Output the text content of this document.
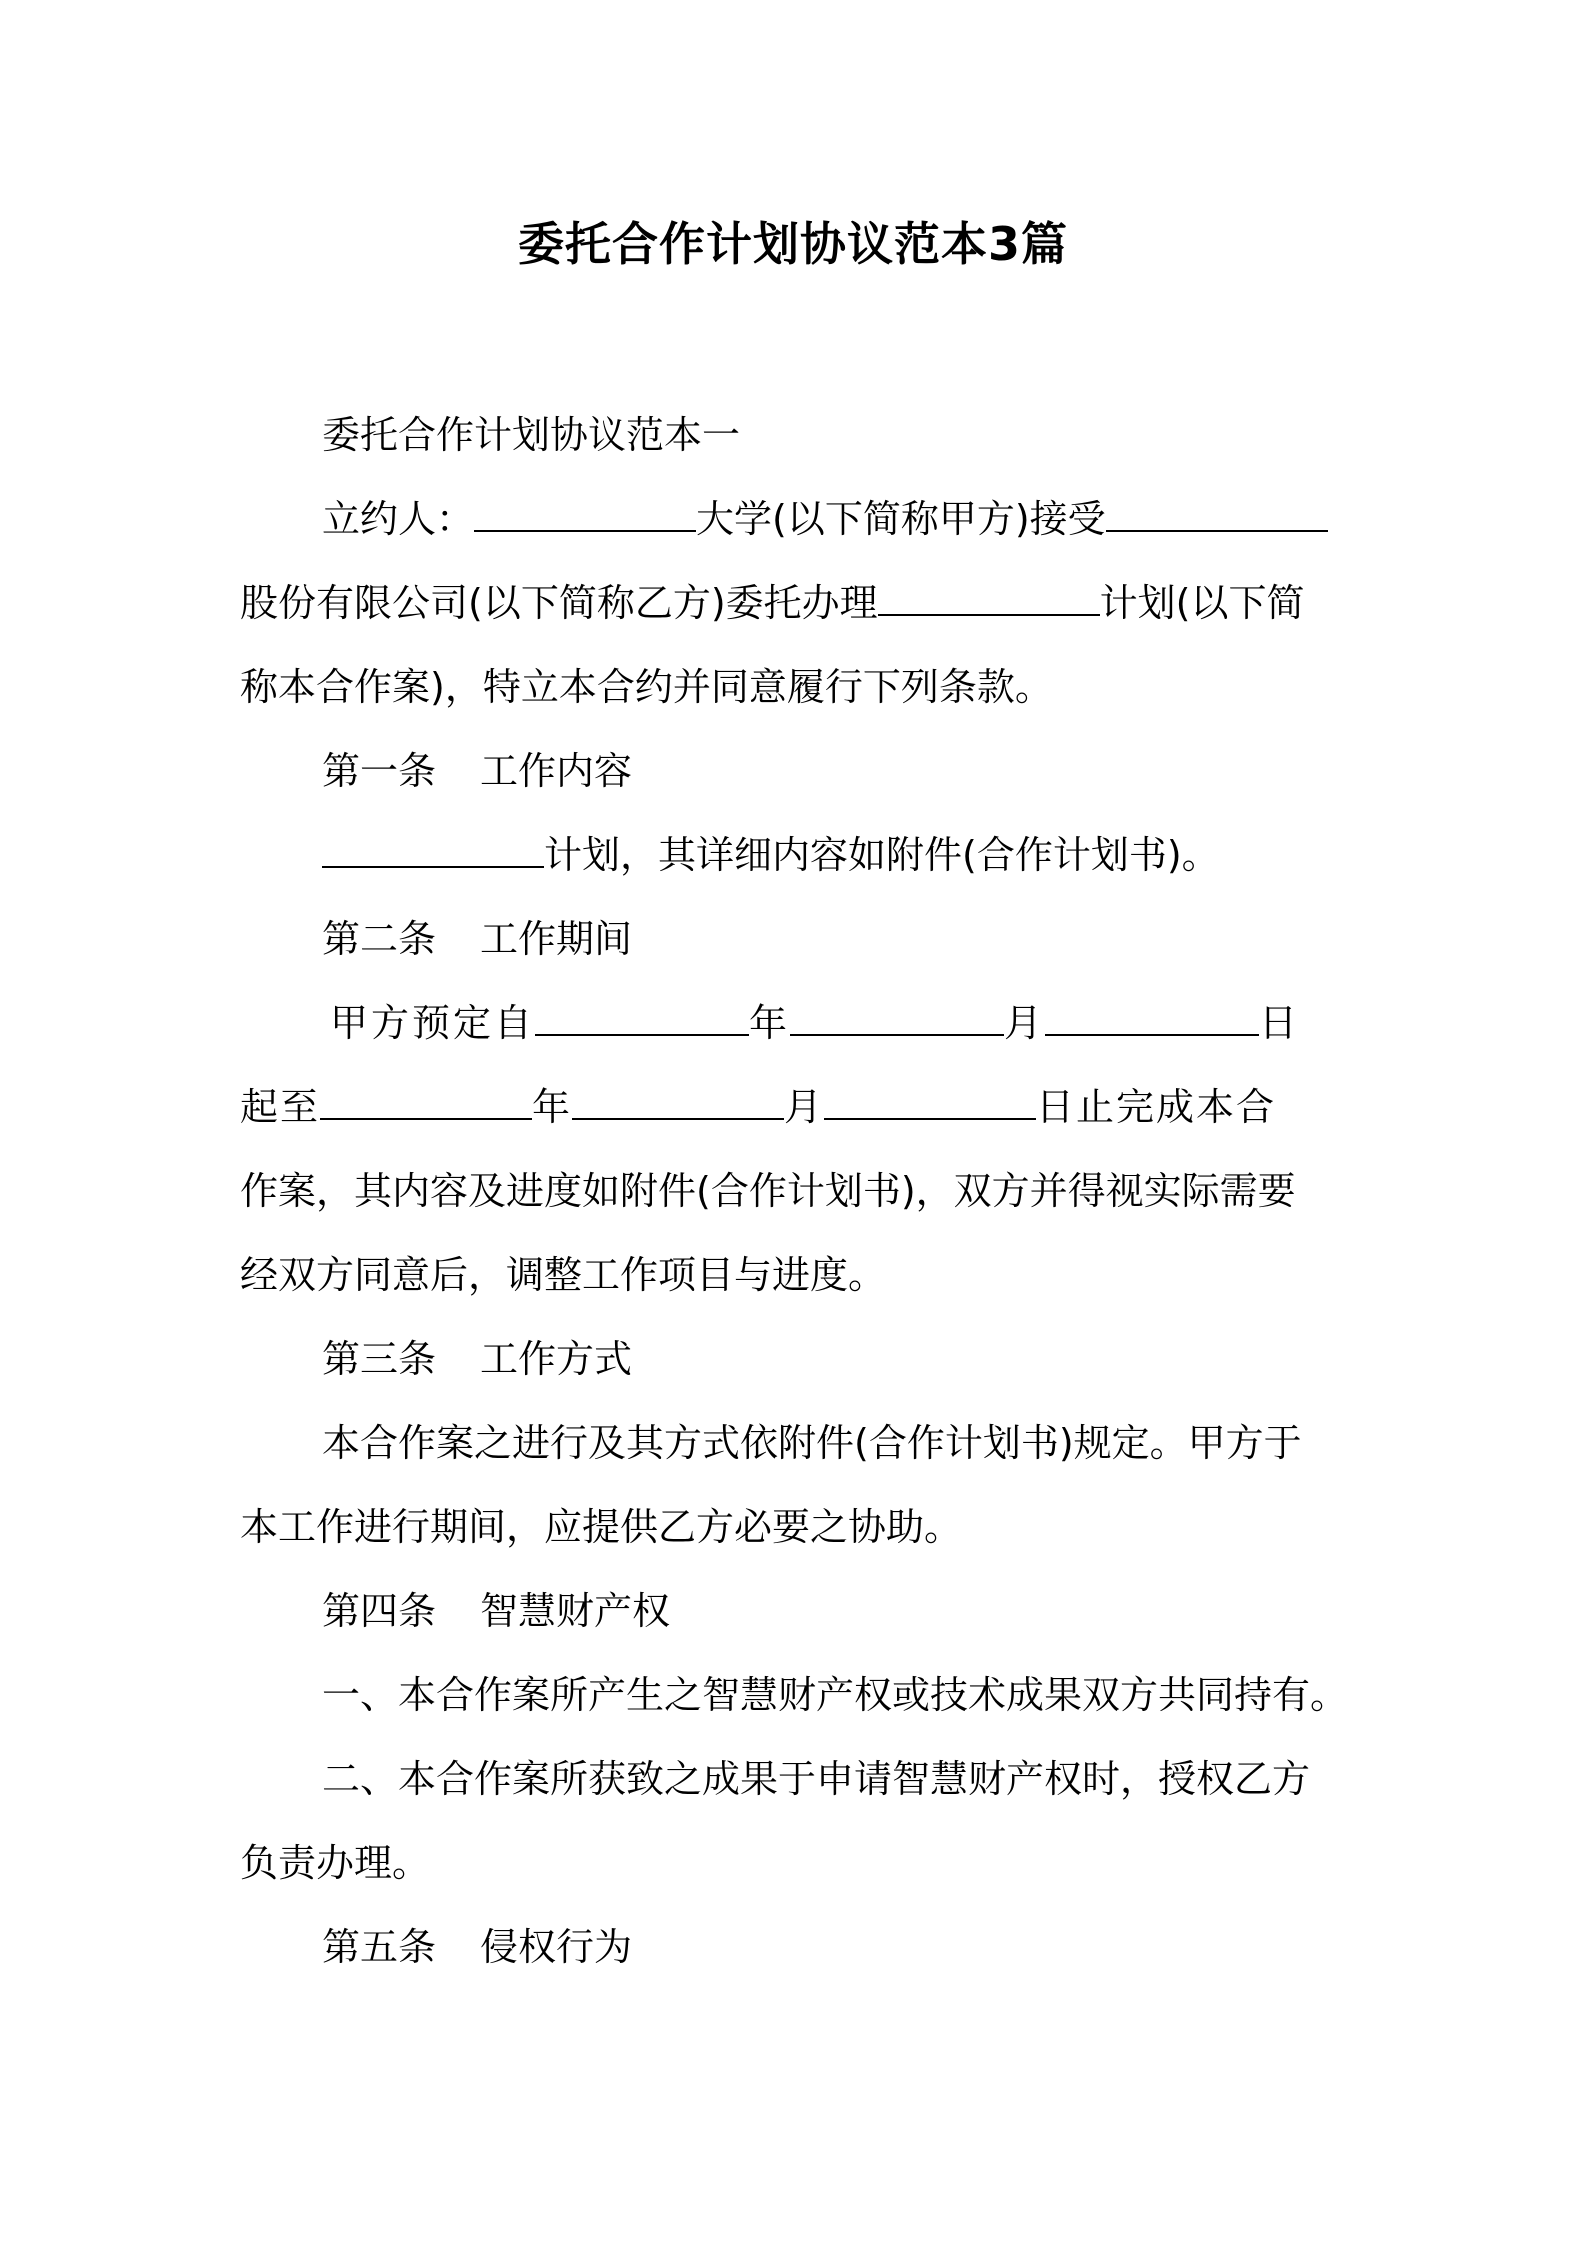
委托合作计划协议范本3篇
委托合作计划协议范本一
立约人：	大学(以下简称甲方)接受
股份有限公司(以下简称乙方)委托办理	计划(以下简
称本合作案)，特立本合约并同意履行下列条款。
第一条 工作内容
计划，其详细内容如附件(合作计划书)。
第二条 工作期间
甲方预定自	年	月	日
起至	年	月	日止完成本合
作案，其内容及进度如附件(合作计划书)，双方并得视实际需要
经双方同意后，调整工作项目与进度。
第三条 工作方式
本合作案之进行及其方式依附件(合作计划书)规定。甲方于
本工作进行期间，应提供乙方必要之协助。
第四条 智慧财产权
一、本合作案所产生之智慧财产权或技术成果双方共同持有。
二、本合作案所获致之成果于申请智慧财产权时，授权乙方
负责办理。
第五条 侵权行为
